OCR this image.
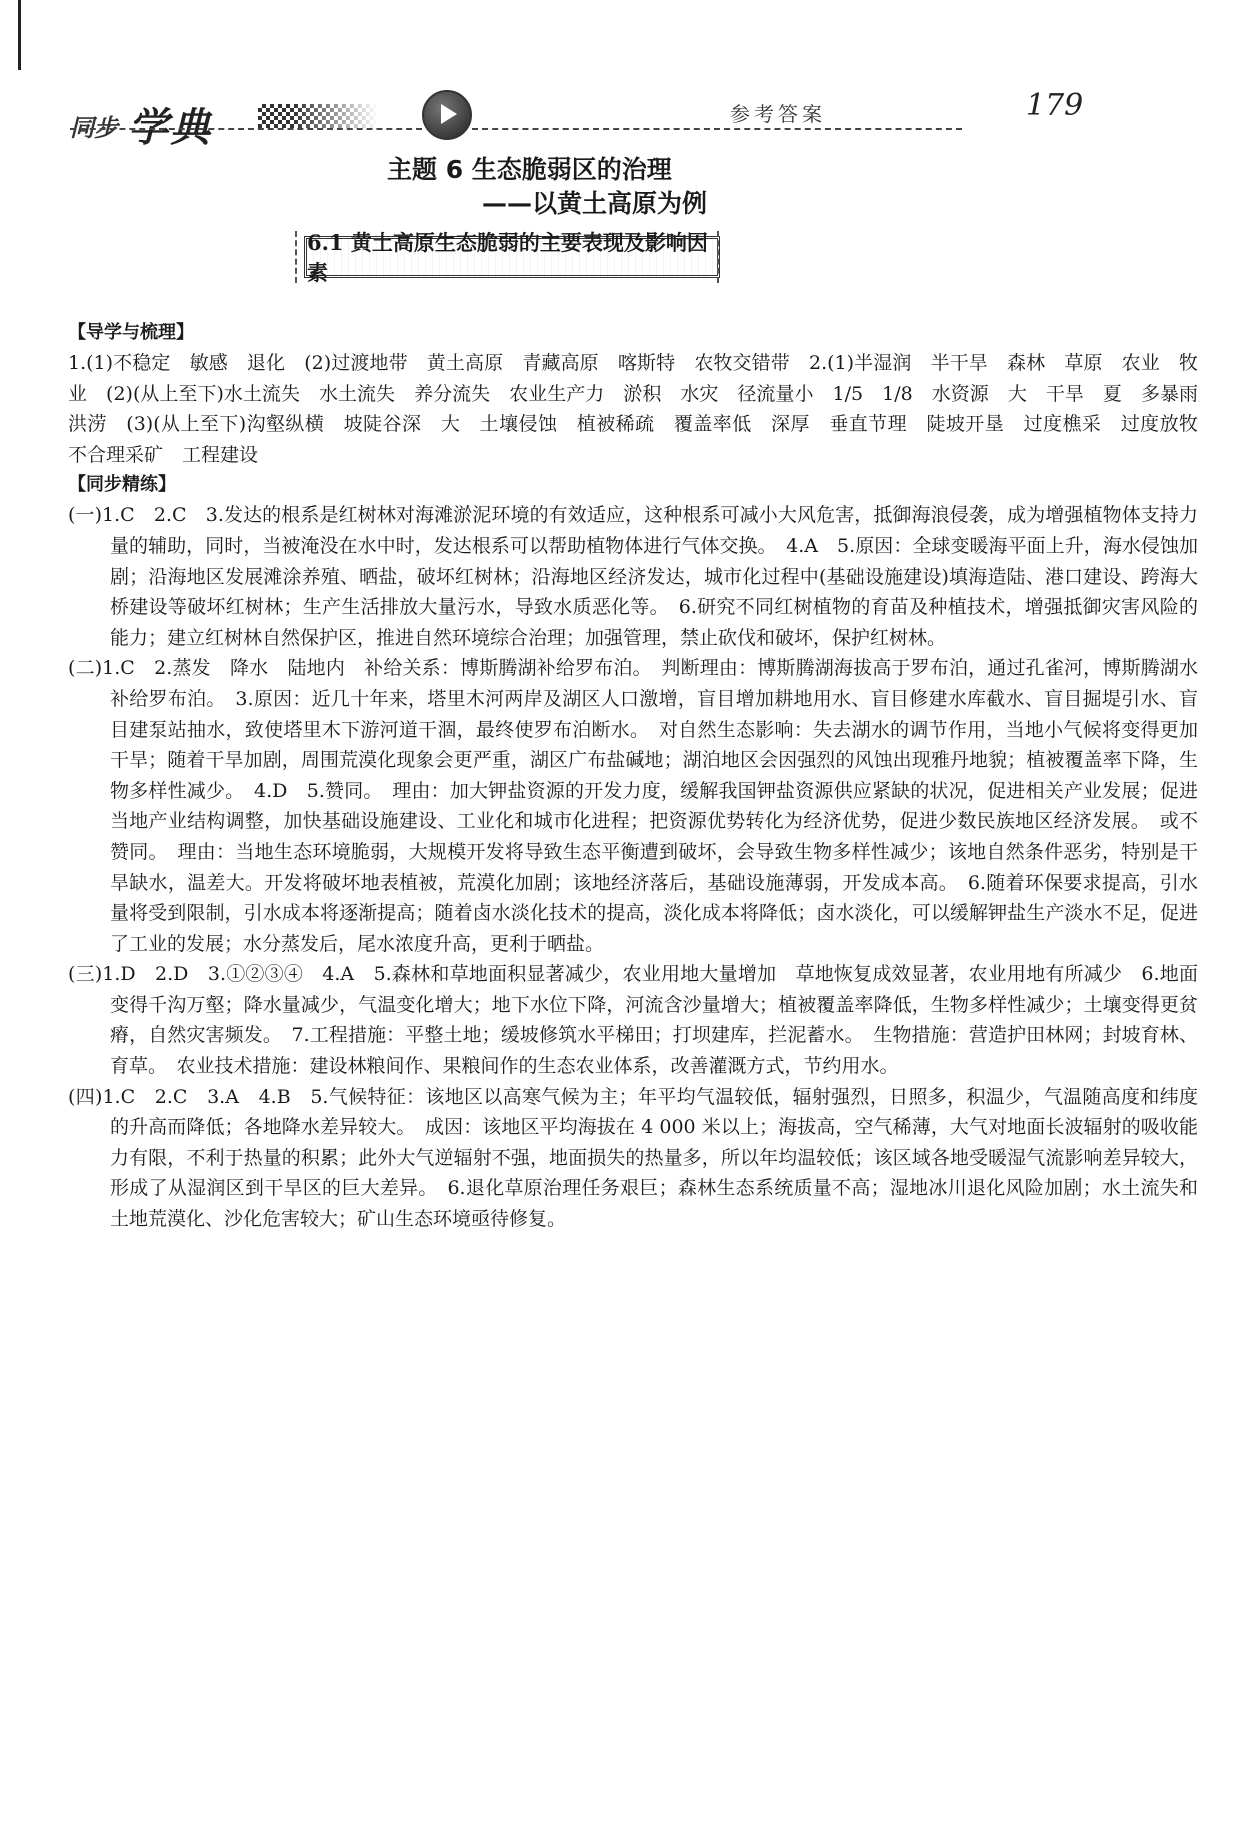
同步 学典	参考答案	179
主题 6 生态脆弱区的治理
——以黄土高原为例
6.1 黄土高原生态脆弱的主要表现及影响因素
【导学与梳理】
1.(1)不稳定　敏感　退化　(2)过渡地带　黄土高原　青藏高原　喀斯特　农牧交错带　2.(1)半湿润　半干旱　森林　草原　农业　牧业　(2)(从上至下)水土流失　水土流失　养分流失　农业生产力　淤积　水灾　径流量小　1/5　1/8　水资源　大　干旱　夏　多暴雨　洪涝　(3)(从上至下)沟壑纵横　坡陡谷深　大　土壤侵蚀　植被稀疏　覆盖率低　深厚　垂直节理　陡坡开垦　过度樵采　过度放牧　不合理采矿　工程建设
【同步精练】
(一)1.C　2.C　3.发达的根系是红树林对海滩淤泥环境的有效适应，这种根系可减小大风危害，抵御海浪侵袭，成为增强植物体支持力量的辅助，同时，当被淹没在水中时，发达根系可以帮助植物体进行气体交换。　4.A　5.原因：全球变暖海平面上升，海水侵蚀加剧；沿海地区发展滩涂养殖、晒盐，破坏红树林；沿海地区经济发达，城市化过程中(基础设施建设)填海造陆、港口建设、跨海大桥建设等破坏红树林；生产生活排放大量污水，导致水质恶化等。　6.研究不同红树植物的育苗及种植技术，增强抵御灾害风险的能力；建立红树林自然保护区，推进自然环境综合治理；加强管理，禁止砍伐和破坏，保护红树林。
(二)1.C　2.蒸发　降水　陆地内　补给关系：博斯腾湖补给罗布泊。　判断理由：博斯腾湖海拔高于罗布泊，通过孔雀河，博斯腾湖水补给罗布泊。　3.原因：近几十年来，塔里木河两岸及湖区人口激增，盲目增加耕地用水、盲目修建水库截水、盲目掘堤引水、盲目建泵站抽水，致使塔里木下游河道干涸，最终使罗布泊断水。　对自然生态影响：失去湖水的调节作用，当地小气候将变得更加干旱；随着干旱加剧，周围荒漠化现象会更严重，湖区广布盐碱地；湖泊地区会因强烈的风蚀出现雅丹地貌；植被覆盖率下降，生物多样性减少。　4.D　5.赞同。　理由：加大钾盐资源的开发力度，缓解我国钾盐资源供应紧缺的状况，促进相关产业发展；促进当地产业结构调整，加快基础设施建设、工业化和城市化进程；把资源优势转化为经济优势，促进少数民族地区经济发展。　或不赞同。　理由：当地生态环境脆弱，大规模开发将导致生态平衡遭到破坏，会导致生物多样性减少；该地自然条件恶劣，特别是干旱缺水，温差大。开发将破坏地表植被，荒漠化加剧；该地经济落后，基础设施薄弱，开发成本高。　6.随着环保要求提高，引水量将受到限制，引水成本将逐渐提高；随着卤水淡化技术的提高，淡化成本将降低；卤水淡化，可以缓解钾盐生产淡水不足，促进了工业的发展；水分蒸发后，尾水浓度升高，更利于晒盐。
(三)1.D　2.D　3.①②③④　4.A　5.森林和草地面积显著减少，农业用地大量增加　草地恢复成效显著，农业用地有所减少　6.地面变得千沟万壑；降水量减少，气温变化增大；地下水位下降，河流含沙量增大；植被覆盖率降低，生物多样性减少；土壤变得更贫瘠，自然灾害频发。　7.工程措施：平整土地；缓坡修筑水平梯田；打坝建库，拦泥蓄水。　生物措施：营造护田林网；封坡育林、育草。　农业技术措施：建设林粮间作、果粮间作的生态农业体系，改善灌溉方式，节约用水。
(四)1.C　2.C　3.A　4.B　5.气候特征：该地区以高寒气候为主；年平均气温较低，辐射强烈，日照多，积温少，气温随高度和纬度的升高而降低；各地降水差异较大。　成因：该地区平均海拔在 4 000 米以上；海拔高，空气稀薄，大气对地面长波辐射的吸收能力有限，不利于热量的积累；此外大气逆辐射不强，地面损失的热量多，所以年均温较低；该区域各地受暖湿气流影响差异较大，形成了从湿润区到干旱区的巨大差异。　6.退化草原治理任务艰巨；森林生态系统质量不高；湿地冰川退化风险加剧；水土流失和土地荒漠化、沙化危害较大；矿山生态环境亟待修复。
